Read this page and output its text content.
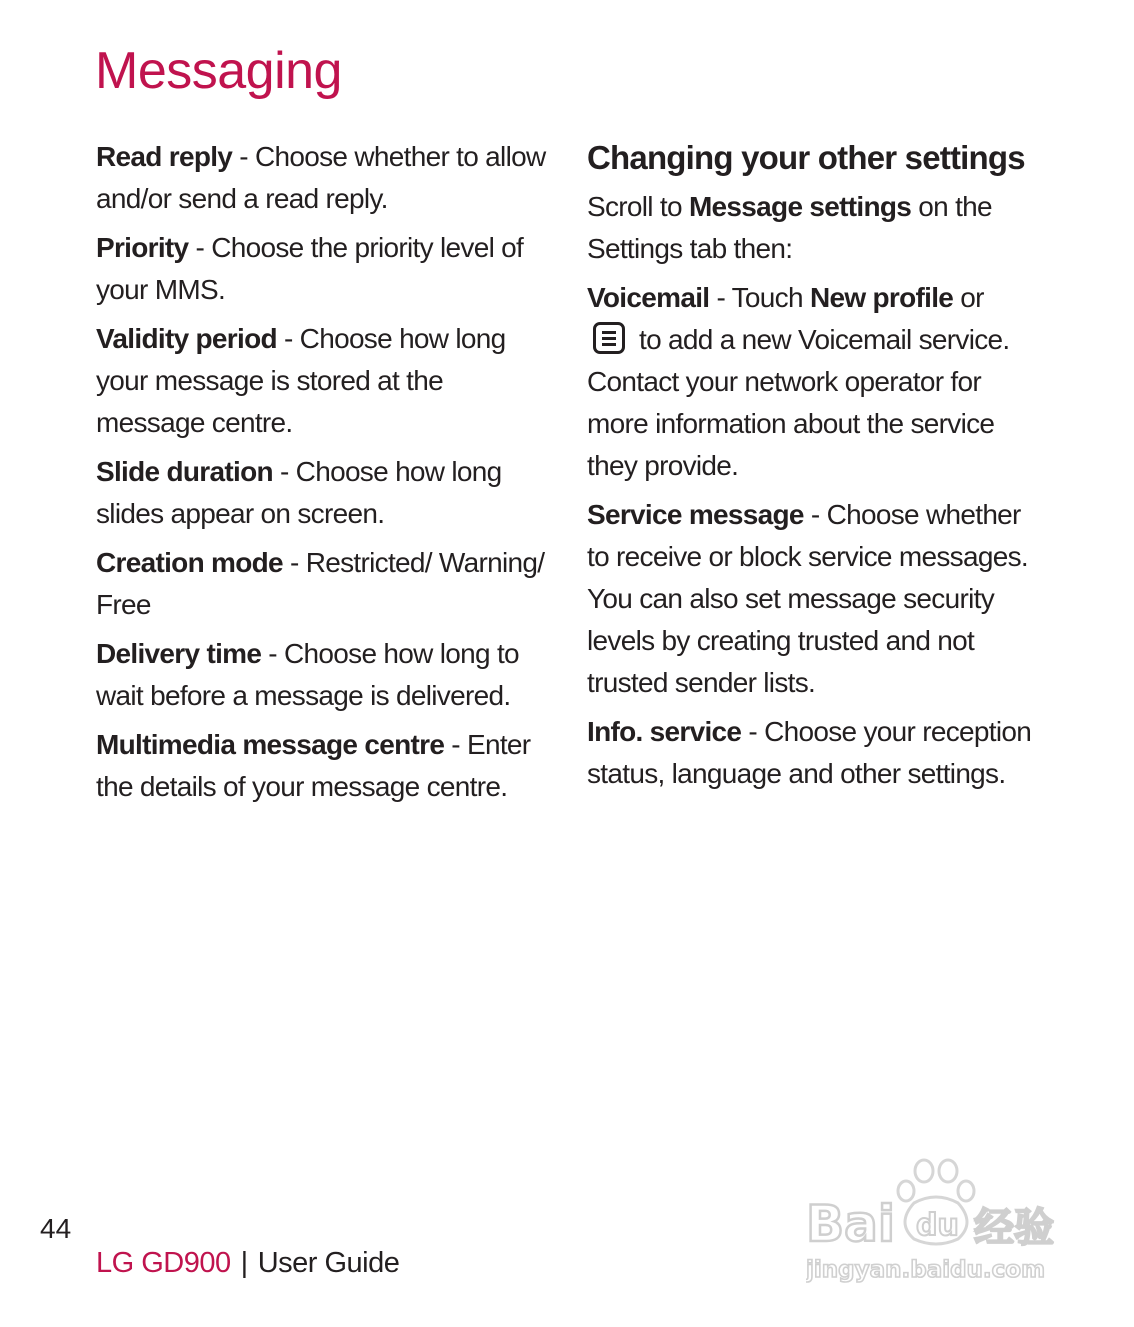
Messaging

Read reply - Choose whether to allow and/or send a read reply.

Priority - Choose the priority level of your MMS.

Validity period - Choose how long your message is stored at the message centre.

Slide duration - Choose how long slides appear on screen.

Creation mode - Restricted/ Warning/ Free

Delivery time - Choose how long to wait before a message is delivered.

Multimedia message centre - Enter the details of your message centre.

Changing your other settings

Scroll to Message settings on the Settings tab then:

Voicemail - Touch New profile or

to add a new Voicemail service. Contact your network operator for more information about the service they provide.

Service message - Choose whether to receive or block service messages. You can also set message security levels by creating trusted and not trusted sender lists.

Info. service - Choose your reception status, language and other settings.

44
LG GD900 | User Guide
Bai du 经验
jingyan.baidu.com
